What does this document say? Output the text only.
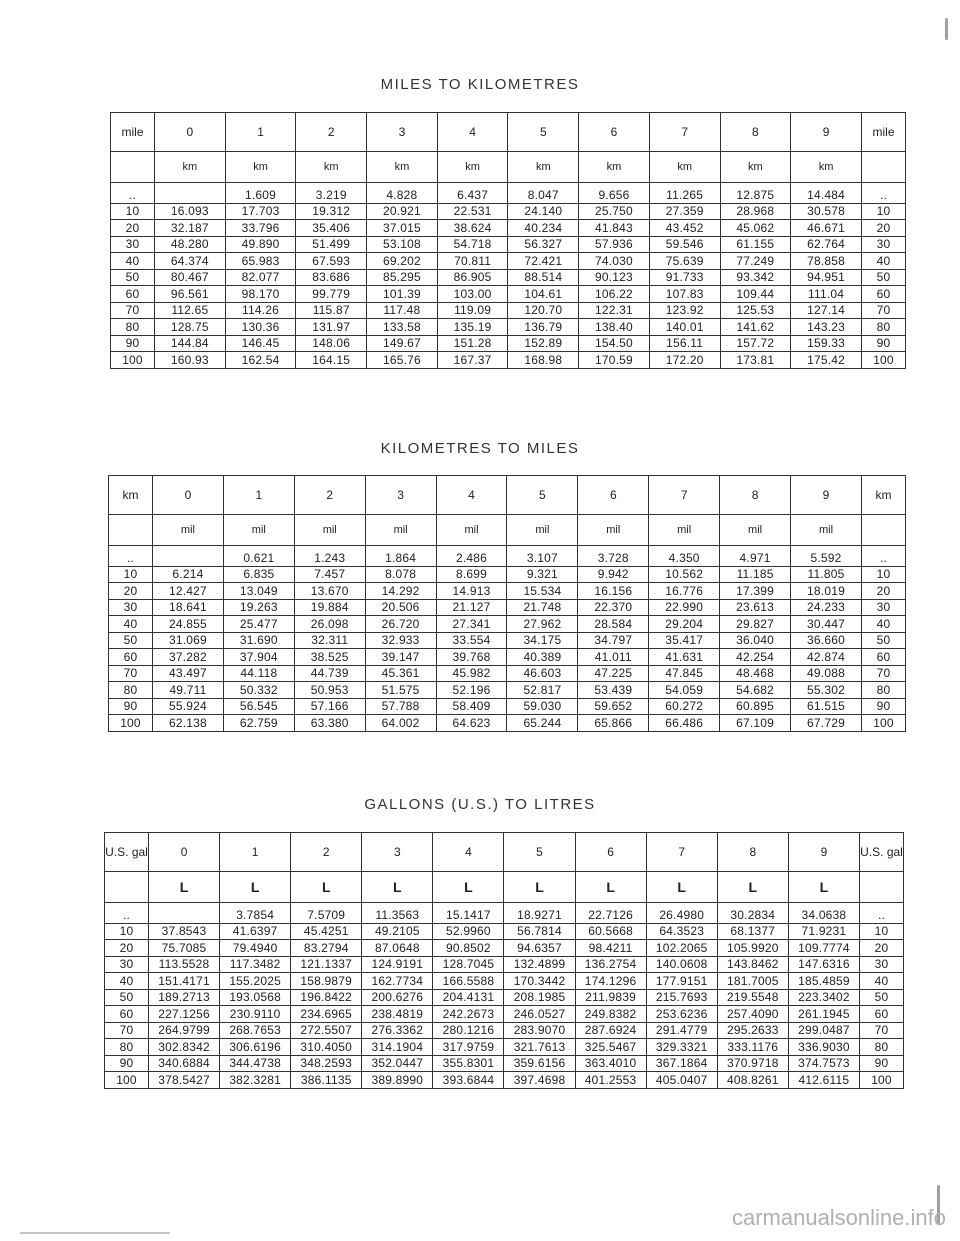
MILES TO KILOMETRES
mile	0	1	2	3	4	5	6	7	8	9	mile
	km	km	km	km	km	km	km	km	km	km	
..		1.609	3.219	4.828	6.437	8.047	9.656	11.265	12.875	14.484	..
10	16.093	17.703	19.312	20.921	22.531	24.140	25.750	27.359	28.968	30.578	10
20	32.187	33.796	35.406	37.015	38.624	40.234	41.843	43.452	45.062	46.671	20
30	48.280	49.890	51.499	53.108	54.718	56.327	57.936	59.546	61.155	62.764	30
40	64.374	65.983	67.593	69.202	70.811	72.421	74.030	75.639	77.249	78.858	40
50	80.467	82.077	83.686	85.295	86.905	88.514	90.123	91.733	93.342	94.951	50
60	96.561	98.170	99.779	101.39	103.00	104.61	106.22	107.83	109.44	111.04	60
70	112.65	114.26	115.87	117.48	119.09	120.70	122.31	123.92	125.53	127.14	70
80	128.75	130.36	131.97	133.58	135.19	136.79	138.40	140.01	141.62	143.23	80
90	144.84	146.45	148.06	149.67	151.28	152.89	154.50	156.11	157.72	159.33	90
100	160.93	162.54	164.15	165.76	167.37	168.98	170.59	172.20	173.81	175.42	100
KILOMETRES TO MILES
km	0	1	2	3	4	5	6	7	8	9	km
	mil	mil	mil	mil	mil	mil	mil	mil	mil	mil	
..		0.621	1.243	1.864	2.486	3.107	3.728	4.350	4.971	5.592	..
10	6.214	6.835	7.457	8.078	8.699	9.321	9.942	10.562	11.185	11.805	10
20	12.427	13.049	13.670	14.292	14.913	15.534	16.156	16.776	17.399	18.019	20
30	18.641	19.263	19.884	20.506	21.127	21.748	22.370	22.990	23.613	24.233	30
40	24.855	25.477	26.098	26.720	27.341	27.962	28.584	29.204	29.827	30.447	40
50	31.069	31.690	32.311	32.933	33.554	34.175	34.797	35.417	36.040	36.660	50
60	37.282	37.904	38.525	39.147	39.768	40.389	41.011	41.631	42.254	42.874	60
70	43.497	44.118	44.739	45.361	45.982	46.603	47.225	47.845	48.468	49.088	70
80	49.711	50.332	50.953	51.575	52.196	52.817	53.439	54.059	54.682	55.302	80
90	55.924	56.545	57.166	57.788	58.409	59.030	59.652	60.272	60.895	61.515	90
100	62.138	62.759	63.380	64.002	64.623	65.244	65.866	66.486	67.109	67.729	100
GALLONS (U.S.) TO LITRES
U.S. gal	0	1	2	3	4	5	6	7	8	9	U.S. gal
	L	L	L	L	L	L	L	L	L	L	
..		3.7854	7.5709	11.3563	15.1417	18.9271	22.7126	26.4980	30.2834	34.0638	..
10	37.8543	41.6397	45.4251	49.2105	52.9960	56.7814	60.5668	64.3523	68.1377	71.9231	10
20	75.7085	79.4940	83.2794	87.0648	90.8502	94.6357	98.4211	102.2065	105.9920	109.7774	20
30	113.5528	117.3482	121.1337	124.9191	128.7045	132.4899	136.2754	140.0608	143.8462	147.6316	30
40	151.4171	155.2025	158.9879	162.7734	166.5588	170.3442	174.1296	177.9151	181.7005	185.4859	40
50	189.2713	193.0568	196.8422	200.6276	204.4131	208.1985	211.9839	215.7693	219.5548	223.3402	50
60	227.1256	230.9110	234.6965	238.4819	242.2673	246.0527	249.8382	253.6236	257.4090	261.1945	60
70	264.9799	268.7653	272.5507	276.3362	280.1216	283.9070	287.6924	291.4779	295.2633	299.0487	70
80	302.8342	306.6196	310.4050	314.1904	317.9759	321.7613	325.5467	329.3321	333.1176	336.9030	80
90	340.6884	344.4738	348.2593	352.0447	355.8301	359.6156	363.4010	367.1864	370.9718	374.7573	90
100	378.5427	382.3281	386.1135	389.8990	393.6844	397.4698	401.2553	405.0407	408.8261	412.6115	100
carmanualsonline.info
